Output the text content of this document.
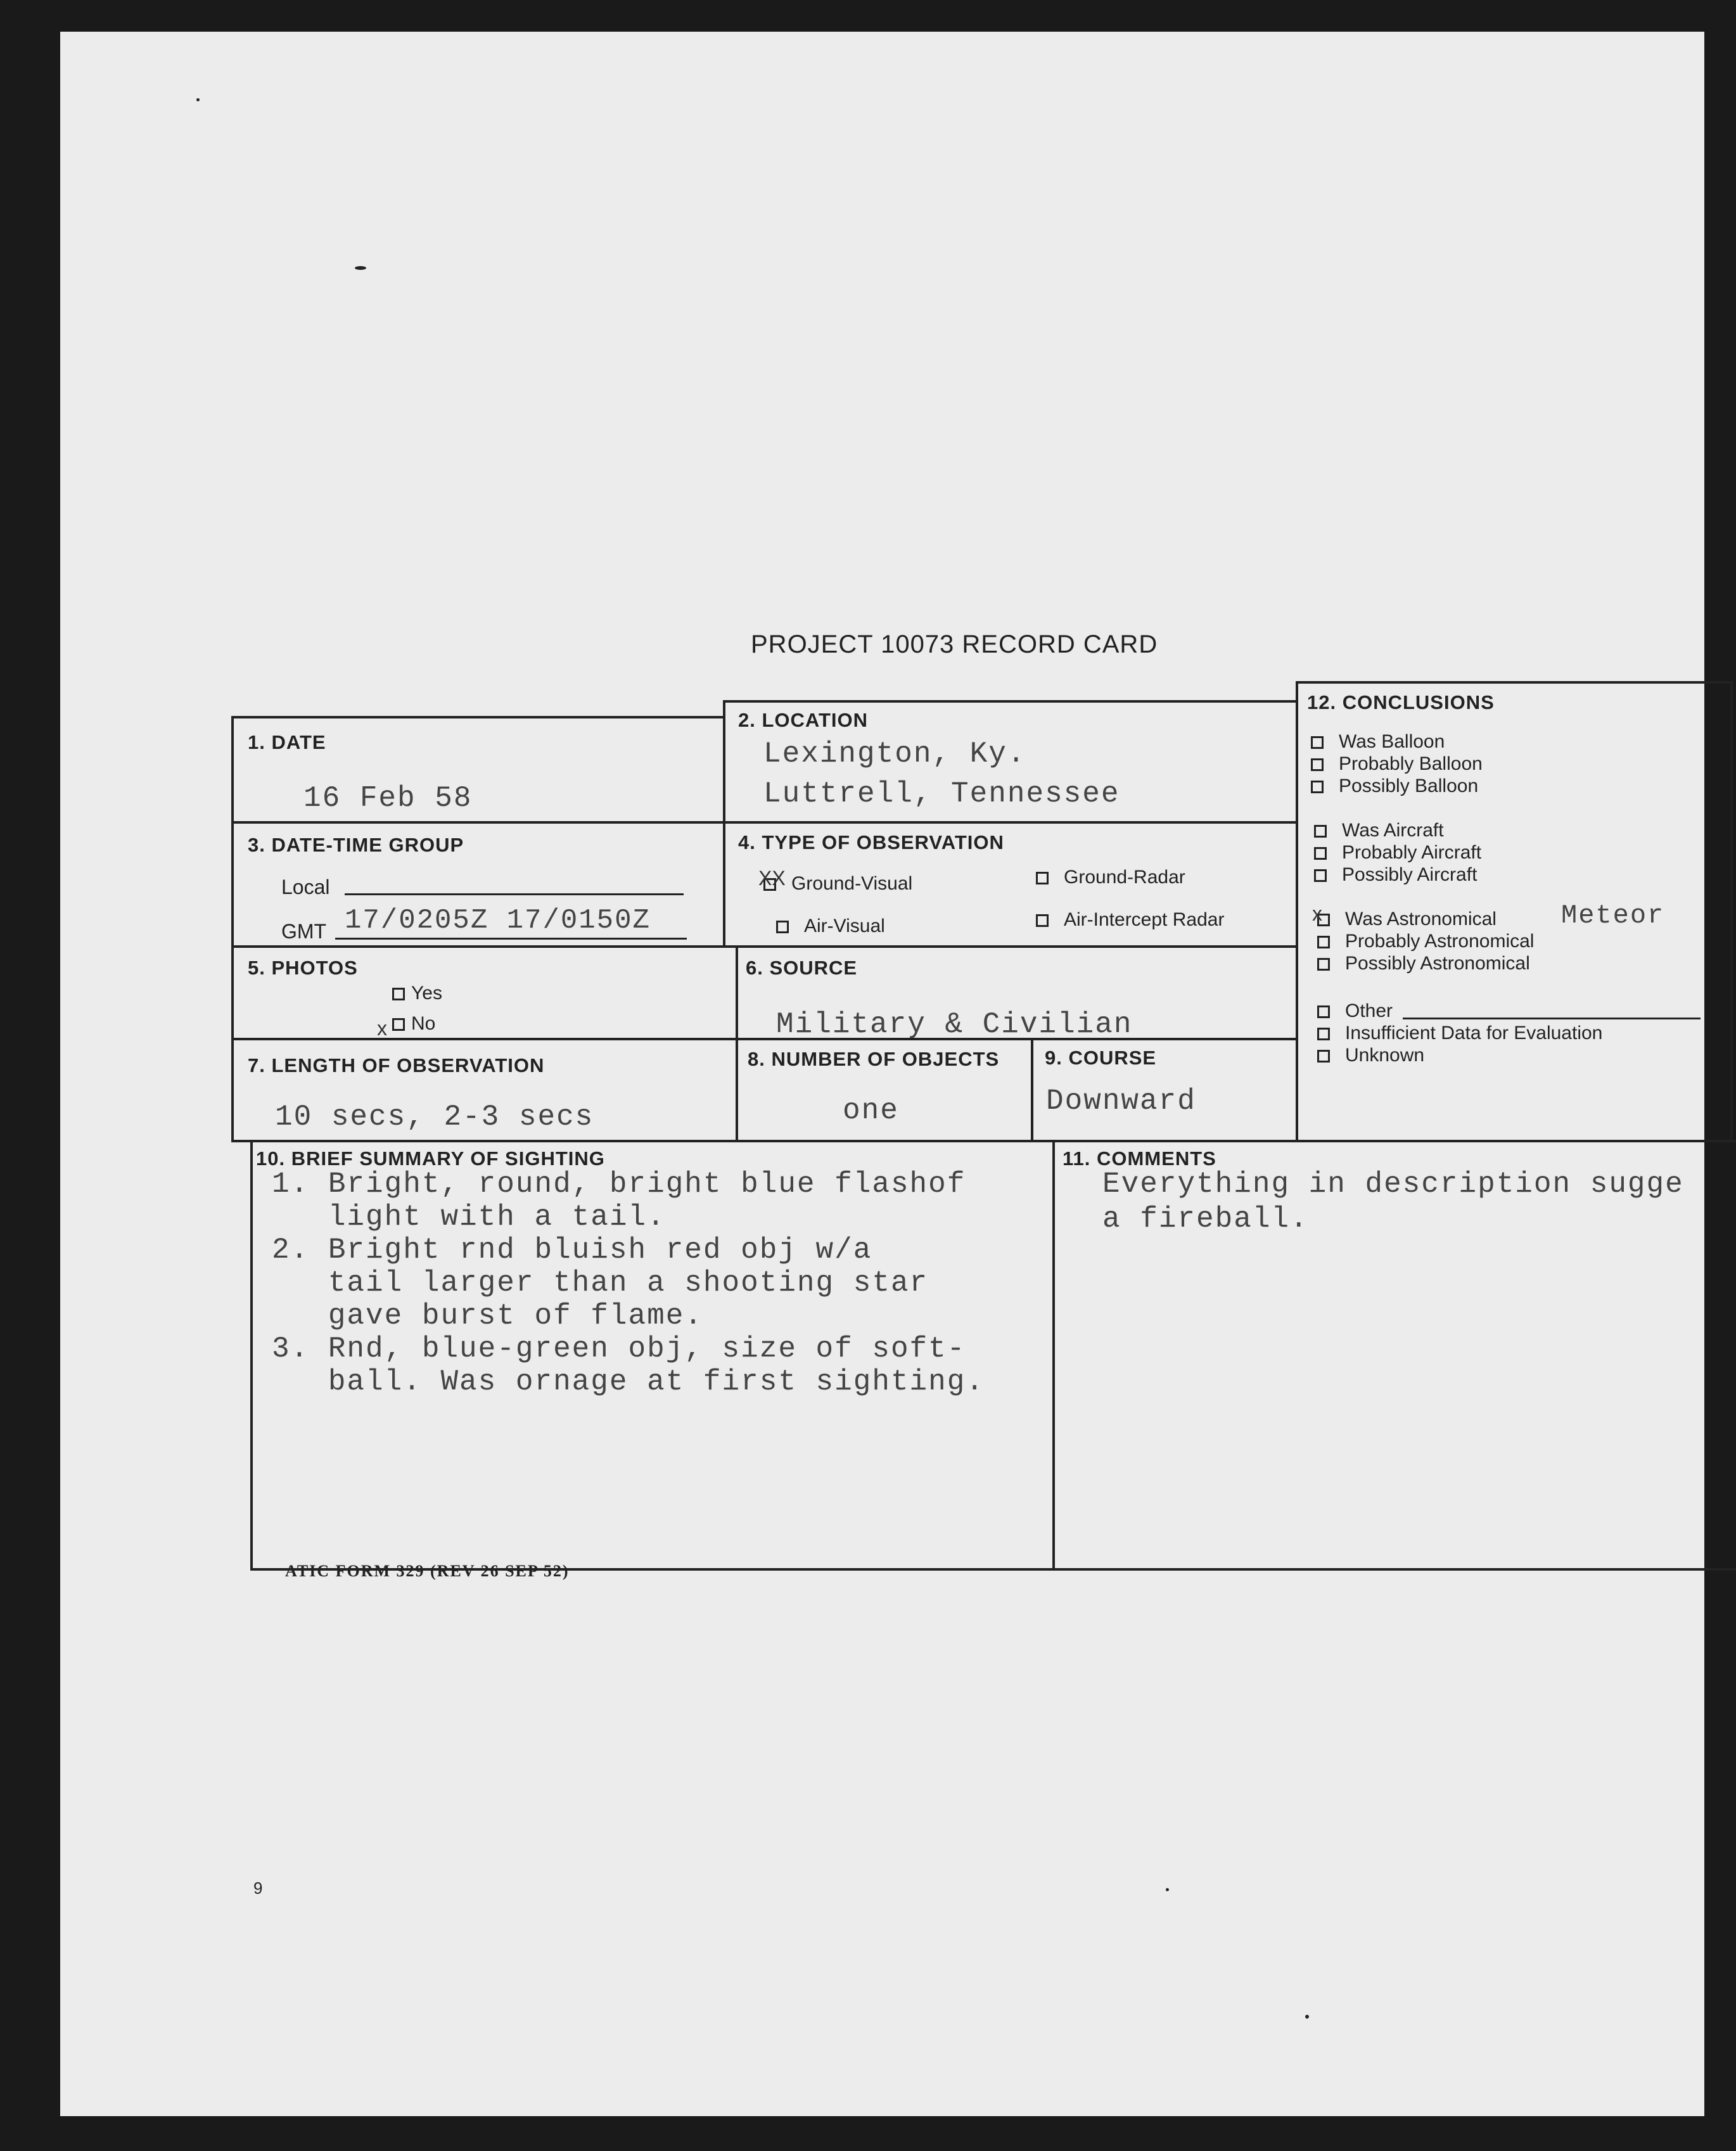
PROJECT 10073 RECORD CARD
1. DATE
16 Feb 58
2. LOCATION
Lexington, Ky.
Luttrell, Tennessee
3. DATE-TIME GROUP
Local
GMT 17/0205Z 17/0150Z
4. TYPE OF OBSERVATION
XX Ground-Visual	Ground-Radar
Air-Visual	Air-Intercept Radar
5. PHOTOS
Yes
x No
6. SOURCE
Military & Civilian
7. LENGTH OF OBSERVATION
10 secs, 2-3 secs
8. NUMBER OF OBJECTS
one
9. COURSE
Downward
12. CONCLUSIONS
Was Balloon
Probably Balloon
Possibly Balloon
Was Aircraft
Probably Aircraft
Possibly Aircraft
x Was Astronomical Meteor
Probably Astronomical
Possibly Astronomical
Other
Insufficient Data for Evaluation
Unknown
10. BRIEF SUMMARY OF SIGHTING
1. Bright, round, bright blue flashof
light with a tail.
2. Bright rnd bluish red obj w/a
tail larger than a shooting star
gave burst of flame.
3. Rnd, blue-green obj, size of soft-
ball. Was ornage at first sighting.
11. COMMENTS
Everything in description sugge
a fireball.
ATIC FORM 329 (REV 26 SEP 52)
9
